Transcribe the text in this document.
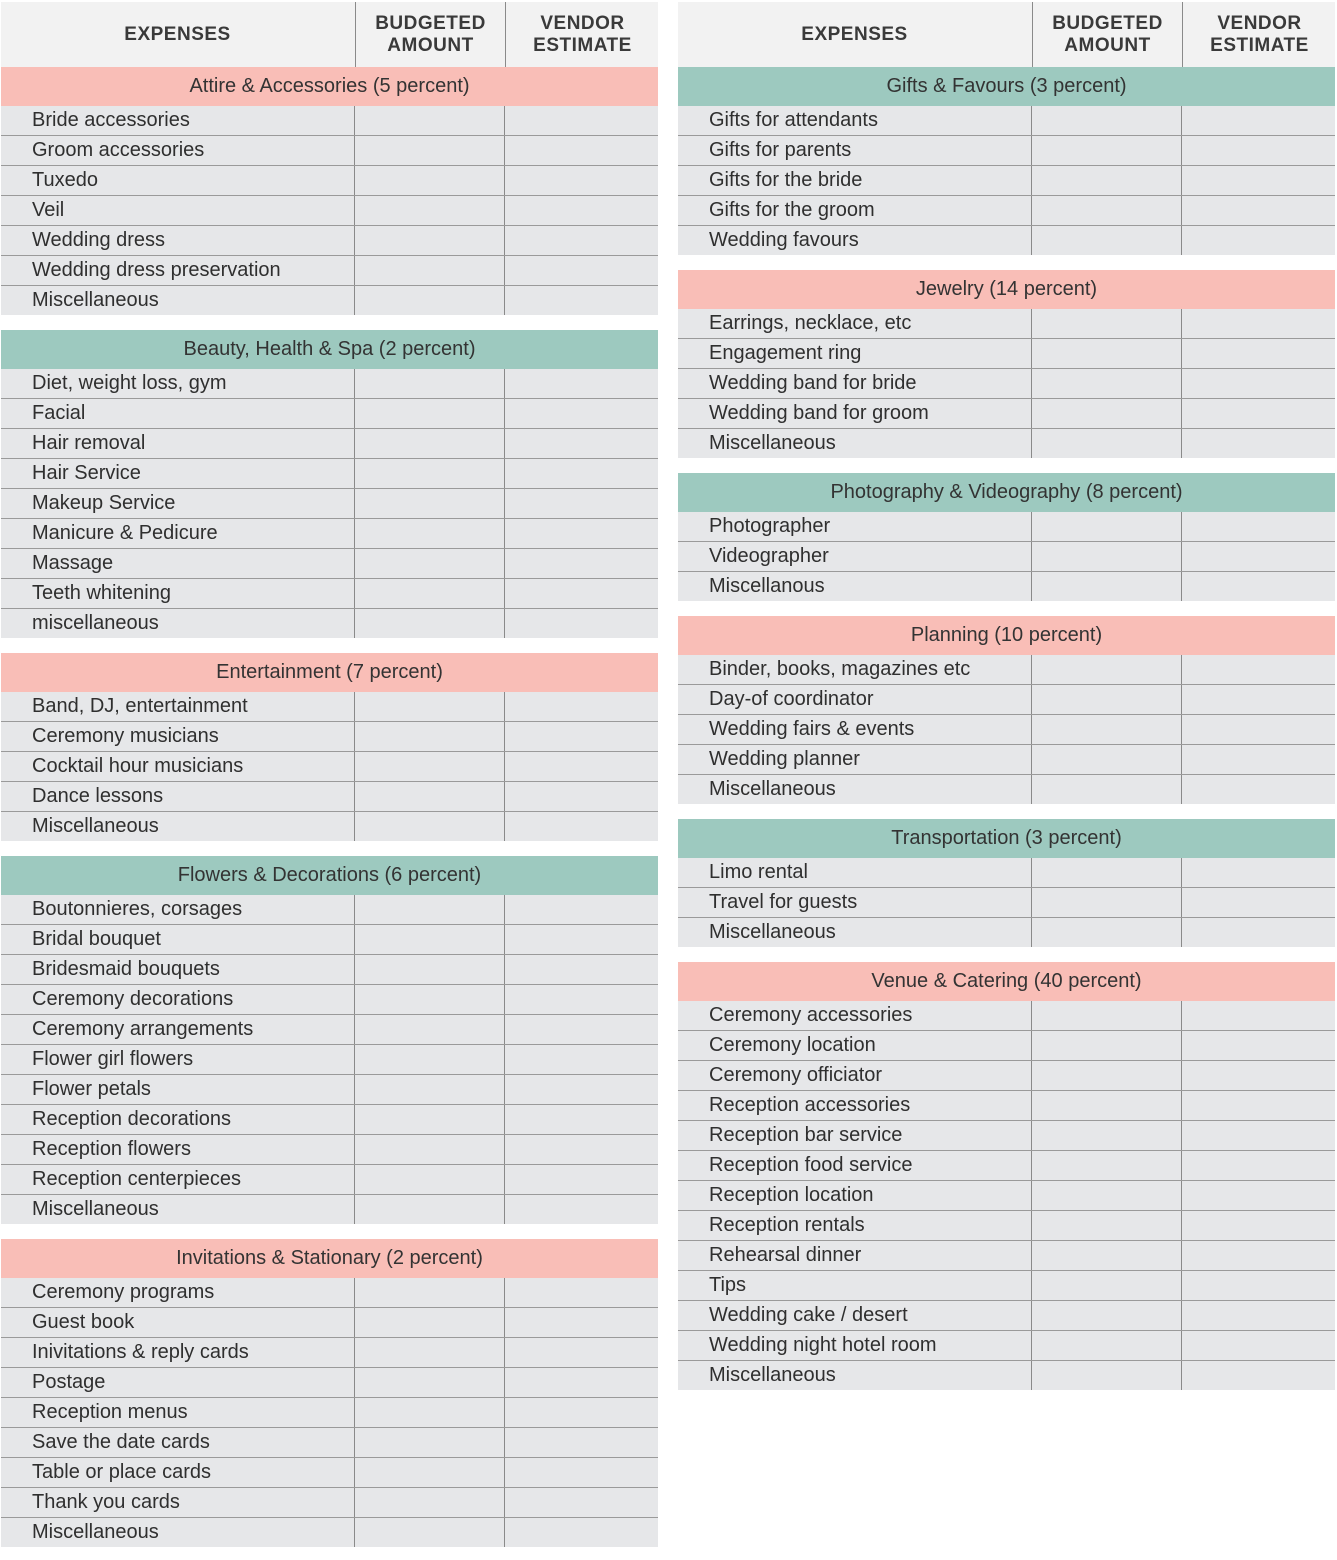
EXPENSES
BUDGETED
AMOUNT
VENDOR
ESTIMATE
Attire & Accessories (5 percent)
Bride accessories
Groom accessories
Tuxedo
Veil
Wedding dress
Wedding dress preservation
Miscellaneous
Beauty, Health & Spa (2 percent)
Diet, weight loss, gym
Facial
Hair removal
Hair Service
Makeup Service
Manicure & Pedicure
Massage
Teeth whitening
miscellaneous
Entertainment (7 percent)
Band, DJ, entertainment
Ceremony musicians
Cocktail hour musicians
Dance lessons
Miscellaneous
Flowers & Decorations (6 percent)
Boutonnieres, corsages
Bridal bouquet
Bridesmaid bouquets
Ceremony decorations
Ceremony arrangements
Flower girl flowers
Flower petals
Reception decorations
Reception flowers
Reception centerpieces
Miscellaneous
Invitations & Stationary (2 percent)
Ceremony programs
Guest book
Inivitations & reply cards
Postage
Reception menus
Save the date cards
Table or place cards
Thank you cards
Miscellaneous
EXPENSES
BUDGETED
AMOUNT
VENDOR
ESTIMATE
Gifts & Favours (3 percent)
Gifts for attendants
Gifts for parents
Gifts for the bride
Gifts for the groom
Wedding favours
Jewelry (14 percent)
Earrings, necklace, etc
Engagement ring
Wedding band for bride
Wedding band for groom
Miscellaneous
Photography & Videography (8 percent)
Photographer
Videographer
Miscellanous
Planning (10 percent)
Binder, books, magazines etc
Day-of coordinator
Wedding fairs & events
Wedding planner
Miscellaneous
Transportation (3 percent)
Limo rental
Travel for guests
Miscellaneous
Venue & Catering (40 percent)
Ceremony accessories
Ceremony location
Ceremony officiator
Reception accessories
Reception bar service
Reception food service
Reception location
Reception rentals
Rehearsal dinner
Tips
Wedding cake / desert
Wedding night hotel room
Miscellaneous
